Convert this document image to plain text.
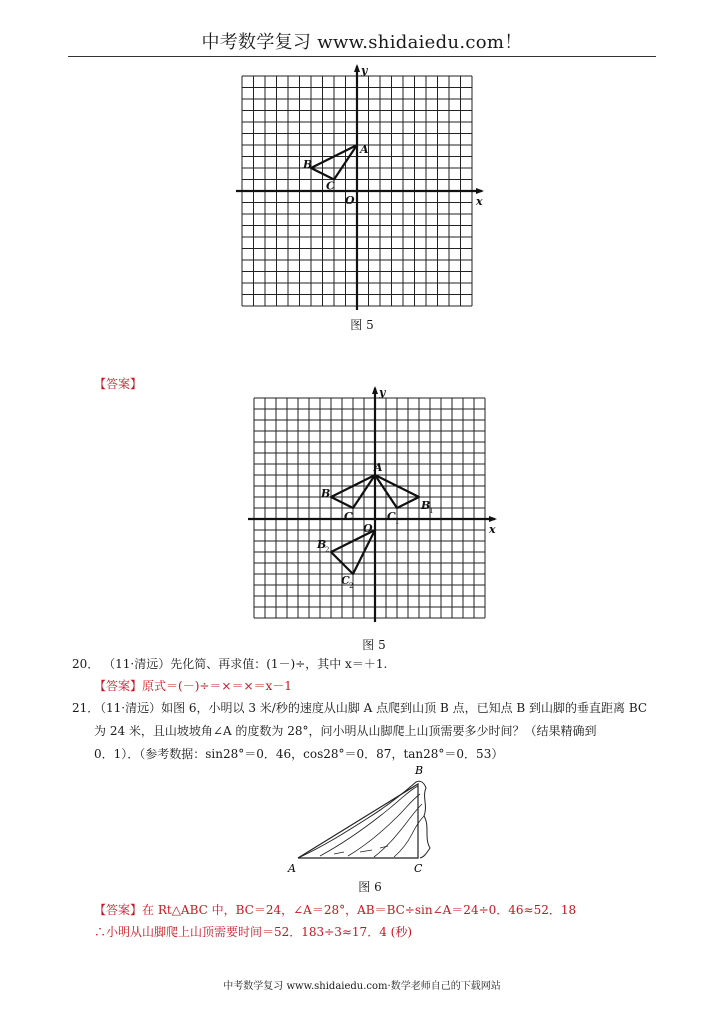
中考数学复习 www.shidaiedu.com！
y
A
B
C
O	x
图 5
【答案】
y
A
B
C	C 1
B
1
O	x
B
2
C 2
图 5
20． （11·清远）先化简、再求值：(1－)÷，其中 x＝＋1.
【答案】原式＝(－)÷＝×＝×＝x－1
21．
（11·清远）如图 6，小明以 3 米/秒的速度从山脚 A 点爬到山顶 B 点，已知点 B 到山脚的垂直距离 BC
为 24 米，且山坡坡角∠A 的度数为 28°，问小明从山脚爬上山顶需要多少时间？（结果精确到
0．1）．（参考数据：sin28°＝0．46，cos28°＝0．87，tan28°＝0．53）
A
B
C
图 6
【答案】在 Rt△ABC 中，BC＝24，∠A＝28°，AB＝BC÷sin∠A＝24÷0．46≈52．18
∴小明从山脚爬上山顶需要时间＝52．183÷3≈17．4 (秒)
中考数学复习 www.shidaiedu.com·数学老师自己的下载网站
